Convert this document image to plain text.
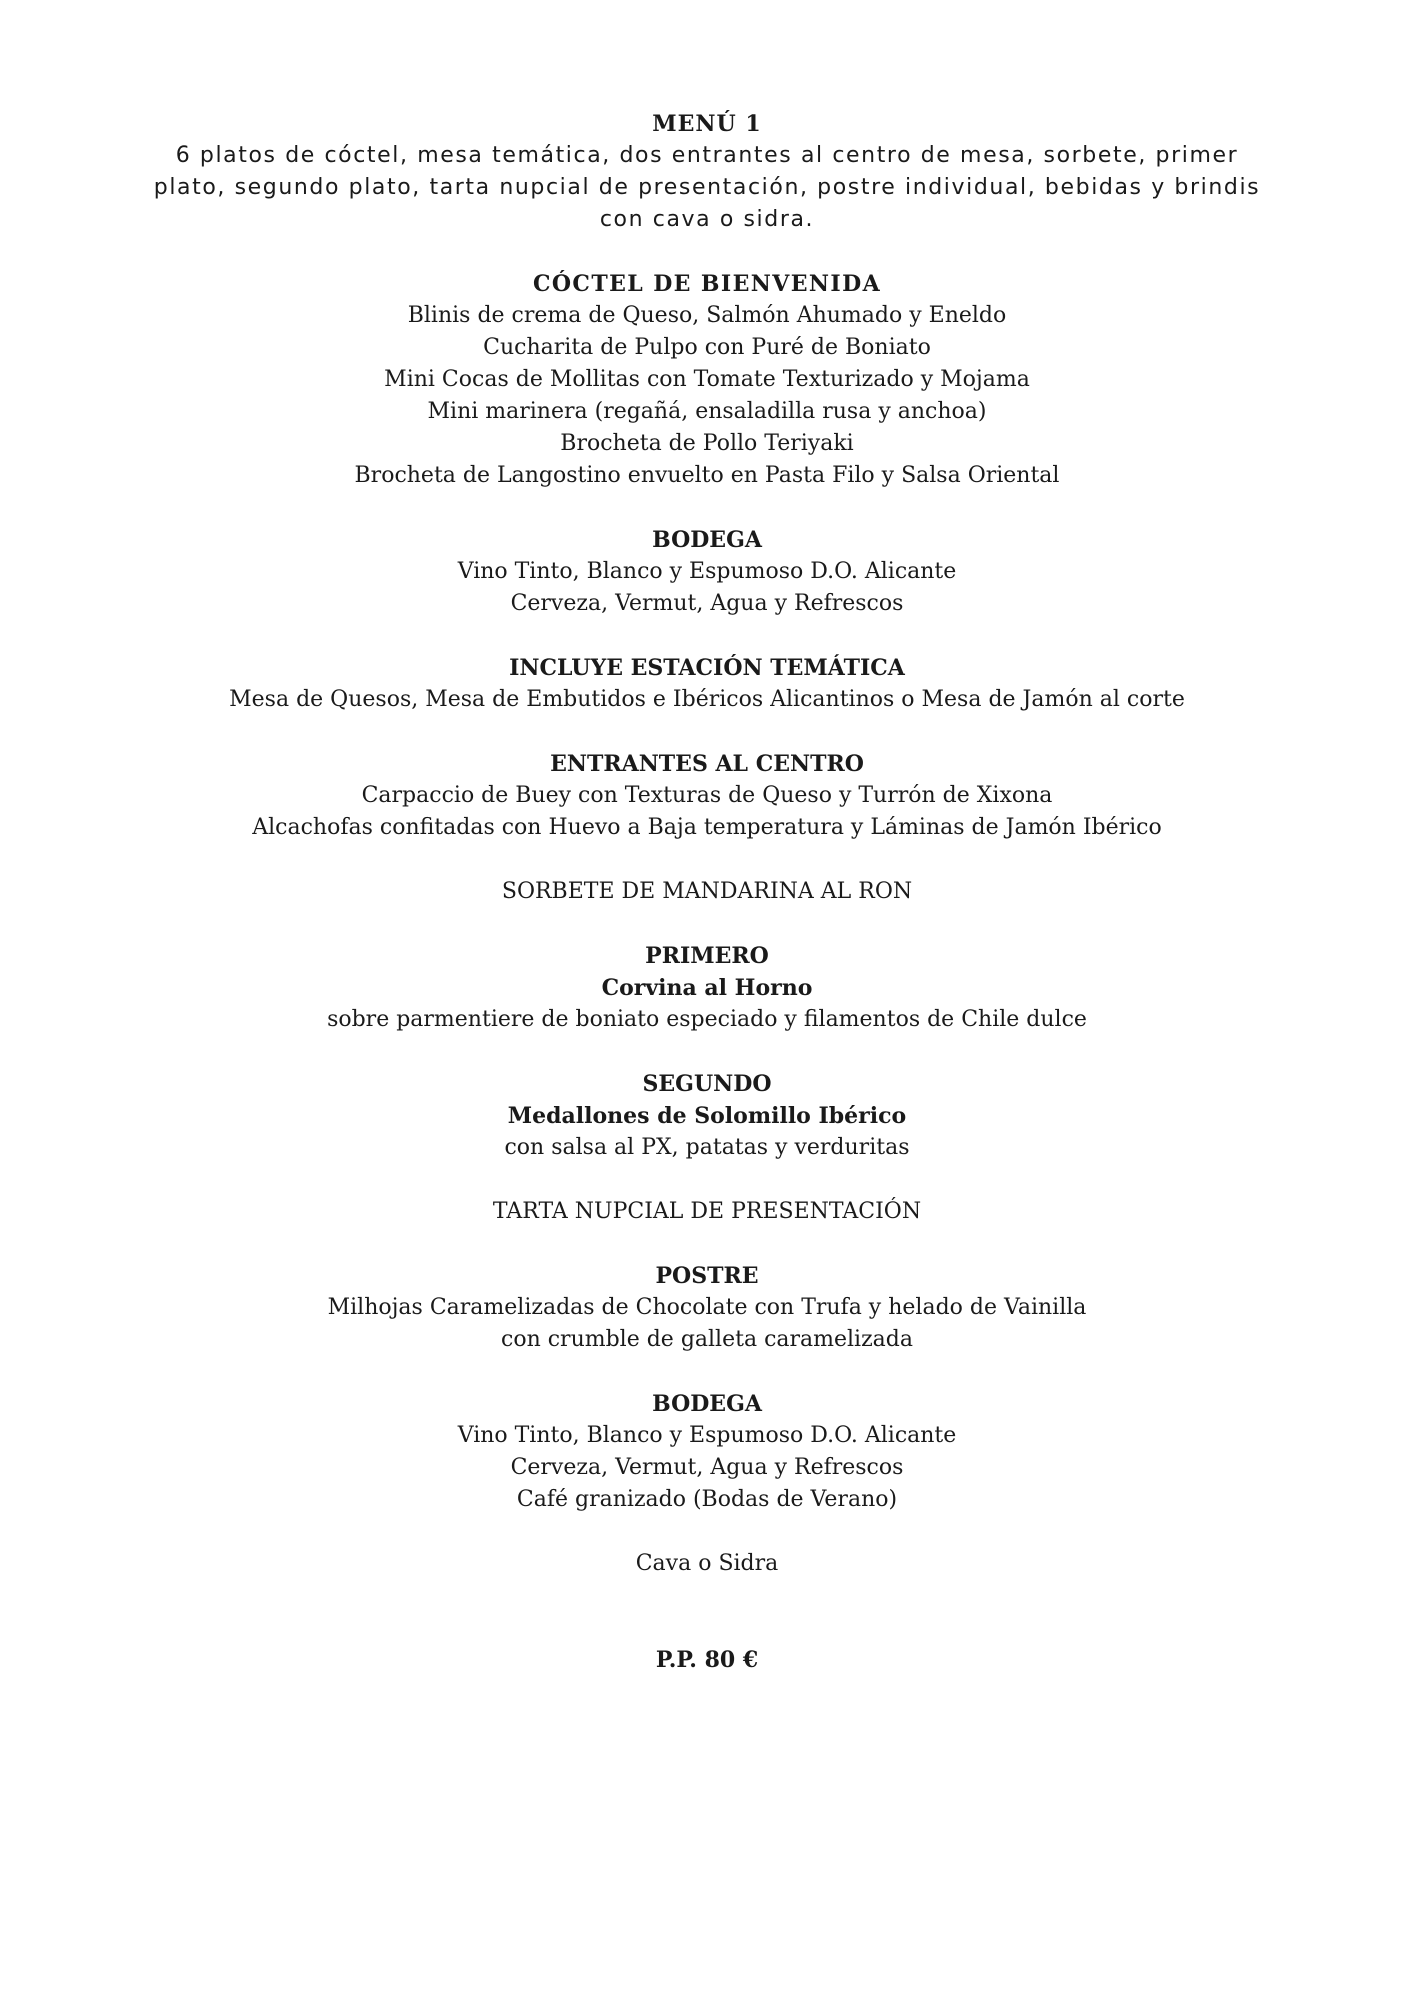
MENÚ 1
6 platos de cóctel, mesa temática, dos entrantes al centro de mesa, sorbete, primer plato, segundo plato, tarta nupcial de presentación, postre individual, bebidas y brindis con cava o sidra.
CÓCTEL DE BIENVENIDA
Blinis de crema de Queso, Salmón Ahumado y Eneldo
Cucharita de Pulpo con Puré de Boniato
Mini Cocas de Mollitas con Tomate Texturizado y Mojama
Mini marinera (regañá, ensaladilla rusa y anchoa)
Brocheta de Pollo Teriyaki
Brocheta de Langostino envuelto en Pasta Filo y Salsa Oriental
BODEGA
Vino Tinto, Blanco y Espumoso D.O. Alicante
Cerveza, Vermut, Agua y Refrescos
INCLUYE ESTACIÓN TEMÁTICA
Mesa de Quesos, Mesa de Embutidos e Ibéricos Alicantinos o Mesa de Jamón al corte
ENTRANTES AL CENTRO
Carpaccio de Buey con Texturas de Queso y Turrón de Xixona
Alcachofas confitadas con Huevo a Baja temperatura y Láminas de Jamón Ibérico
SORBETE DE MANDARINA AL RON
PRIMERO
Corvina al Horno
sobre parmentiere de boniato especiado y filamentos de Chile dulce
SEGUNDO
Medallones de Solomillo Ibérico
con salsa al PX, patatas y verduritas
TARTA NUPCIAL DE PRESENTACIÓN
POSTRE
Milhojas Caramelizadas de Chocolate con Trufa y helado de Vainilla
con crumble de galleta caramelizada
BODEGA
Vino Tinto, Blanco y Espumoso D.O. Alicante
Cerveza, Vermut, Agua y Refrescos
Café granizado (Bodas de Verano)
Cava o Sidra
P.P. 80 €
